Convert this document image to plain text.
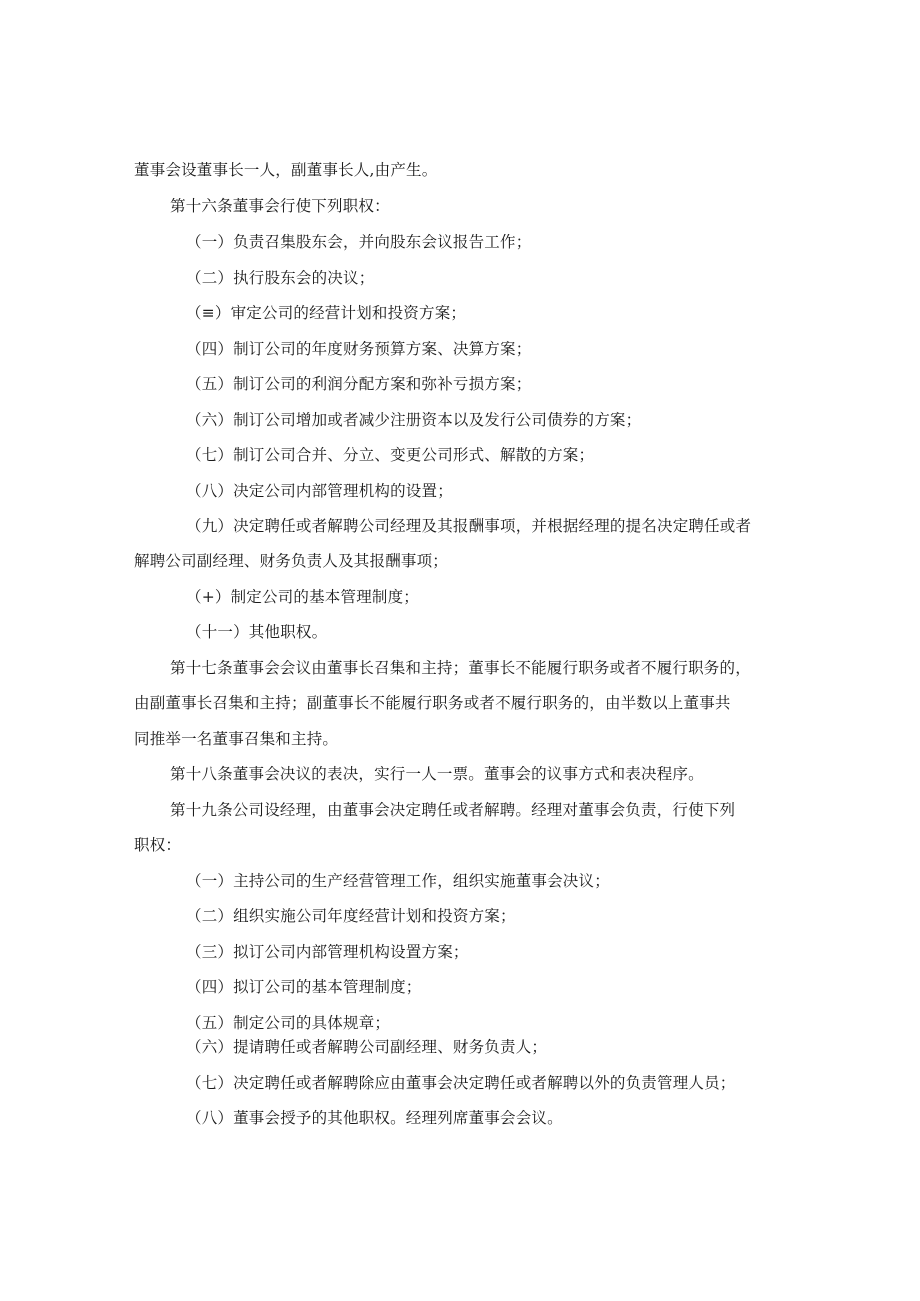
董事会设董事长一人，副董事长人,由产生。
第十六条董事会行使下列职权：
（一）负责召集股东会，并向股东会议报告工作；
（二）执行股东会的决议；
（≡）审定公司的经营计划和投资方案；
（四）制订公司的年度财务预算方案、决算方案；
（五）制订公司的利润分配方案和弥补亏损方案；
（六）制订公司增加或者减少注册资本以及发行公司债券的方案；
（七）制订公司合并、分立、变更公司形式、解散的方案；
（八）决定公司内部管理机构的设置；
（九）决定聘任或者解聘公司经理及其报酬事项，并根据经理的提名决定聘任或者
解聘公司副经理、财务负责人及其报酬事项；
（+）制定公司的基本管理制度；
（十一）其他职权。
第十七条董事会会议由董事长召集和主持；董事长不能履行职务或者不履行职务的，
由副董事长召集和主持；副董事长不能履行职务或者不履行职务的，由半数以上董事共
同推举一名董事召集和主持。
第十八条董事会决议的表决，实行一人一票。董事会的议事方式和表决程序。
第十九条公司设经理，由董事会决定聘任或者解聘。经理对董事会负责，行使下列
职权：
（一）主持公司的生产经营管理工作，组织实施董事会决议；
（二）组织实施公司年度经营计划和投资方案；
（三）拟订公司内部管理机构设置方案；
（四）拟订公司的基本管理制度；
（五）制定公司的具体规章；
（六）提请聘任或者解聘公司副经理、财务负责人；
（七）决定聘任或者解聘除应由董事会决定聘任或者解聘以外的负责管理人员；
（八）董事会授予的其他职权。经理列席董事会会议。
